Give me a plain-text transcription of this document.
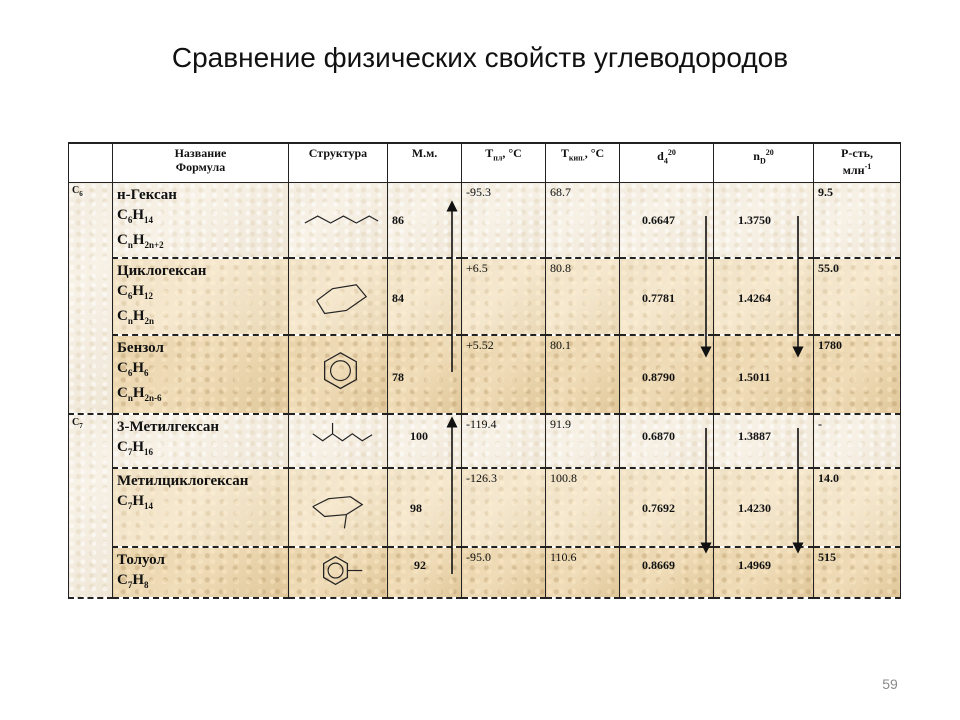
Сравнение физических свойств углеводородов
	Название
Формула	Структура	М.м.	$Т_{пл}$, °С	$Т_{кип.}$, °С	$d_4^{20}$	$n_D^{20}$	Р-сть,
млн$^{-1}$
$C_6$	н-Гексан
$C_6H_{14}$
$C_nH_{2n+2}$		86	-95.3	68.7	0.6647	1.3750	9.5

	Циклогексан
$C_6H_{12}$
$C_nH_{2n}$		84	+6.5	80.8	0.7781	1.4264	55.0

	Бензол
$C_6H_6$
$C_nH_{2n-6}$		78	+5.52	80.1	0.8790	1.5011	1780
$C_7$	3-Метилгексан
$C_7H_{16}$		100	-119.4	91.9	0.6870	1.3887	-

	Метилциклогексан
$C_7H_{14}$		98	-126.3	100.8	0.7692	1.4230	14.0

	Толуол
$C_7H_8$		92	-95.0	110.6	0.8669	1.4969	515
59
